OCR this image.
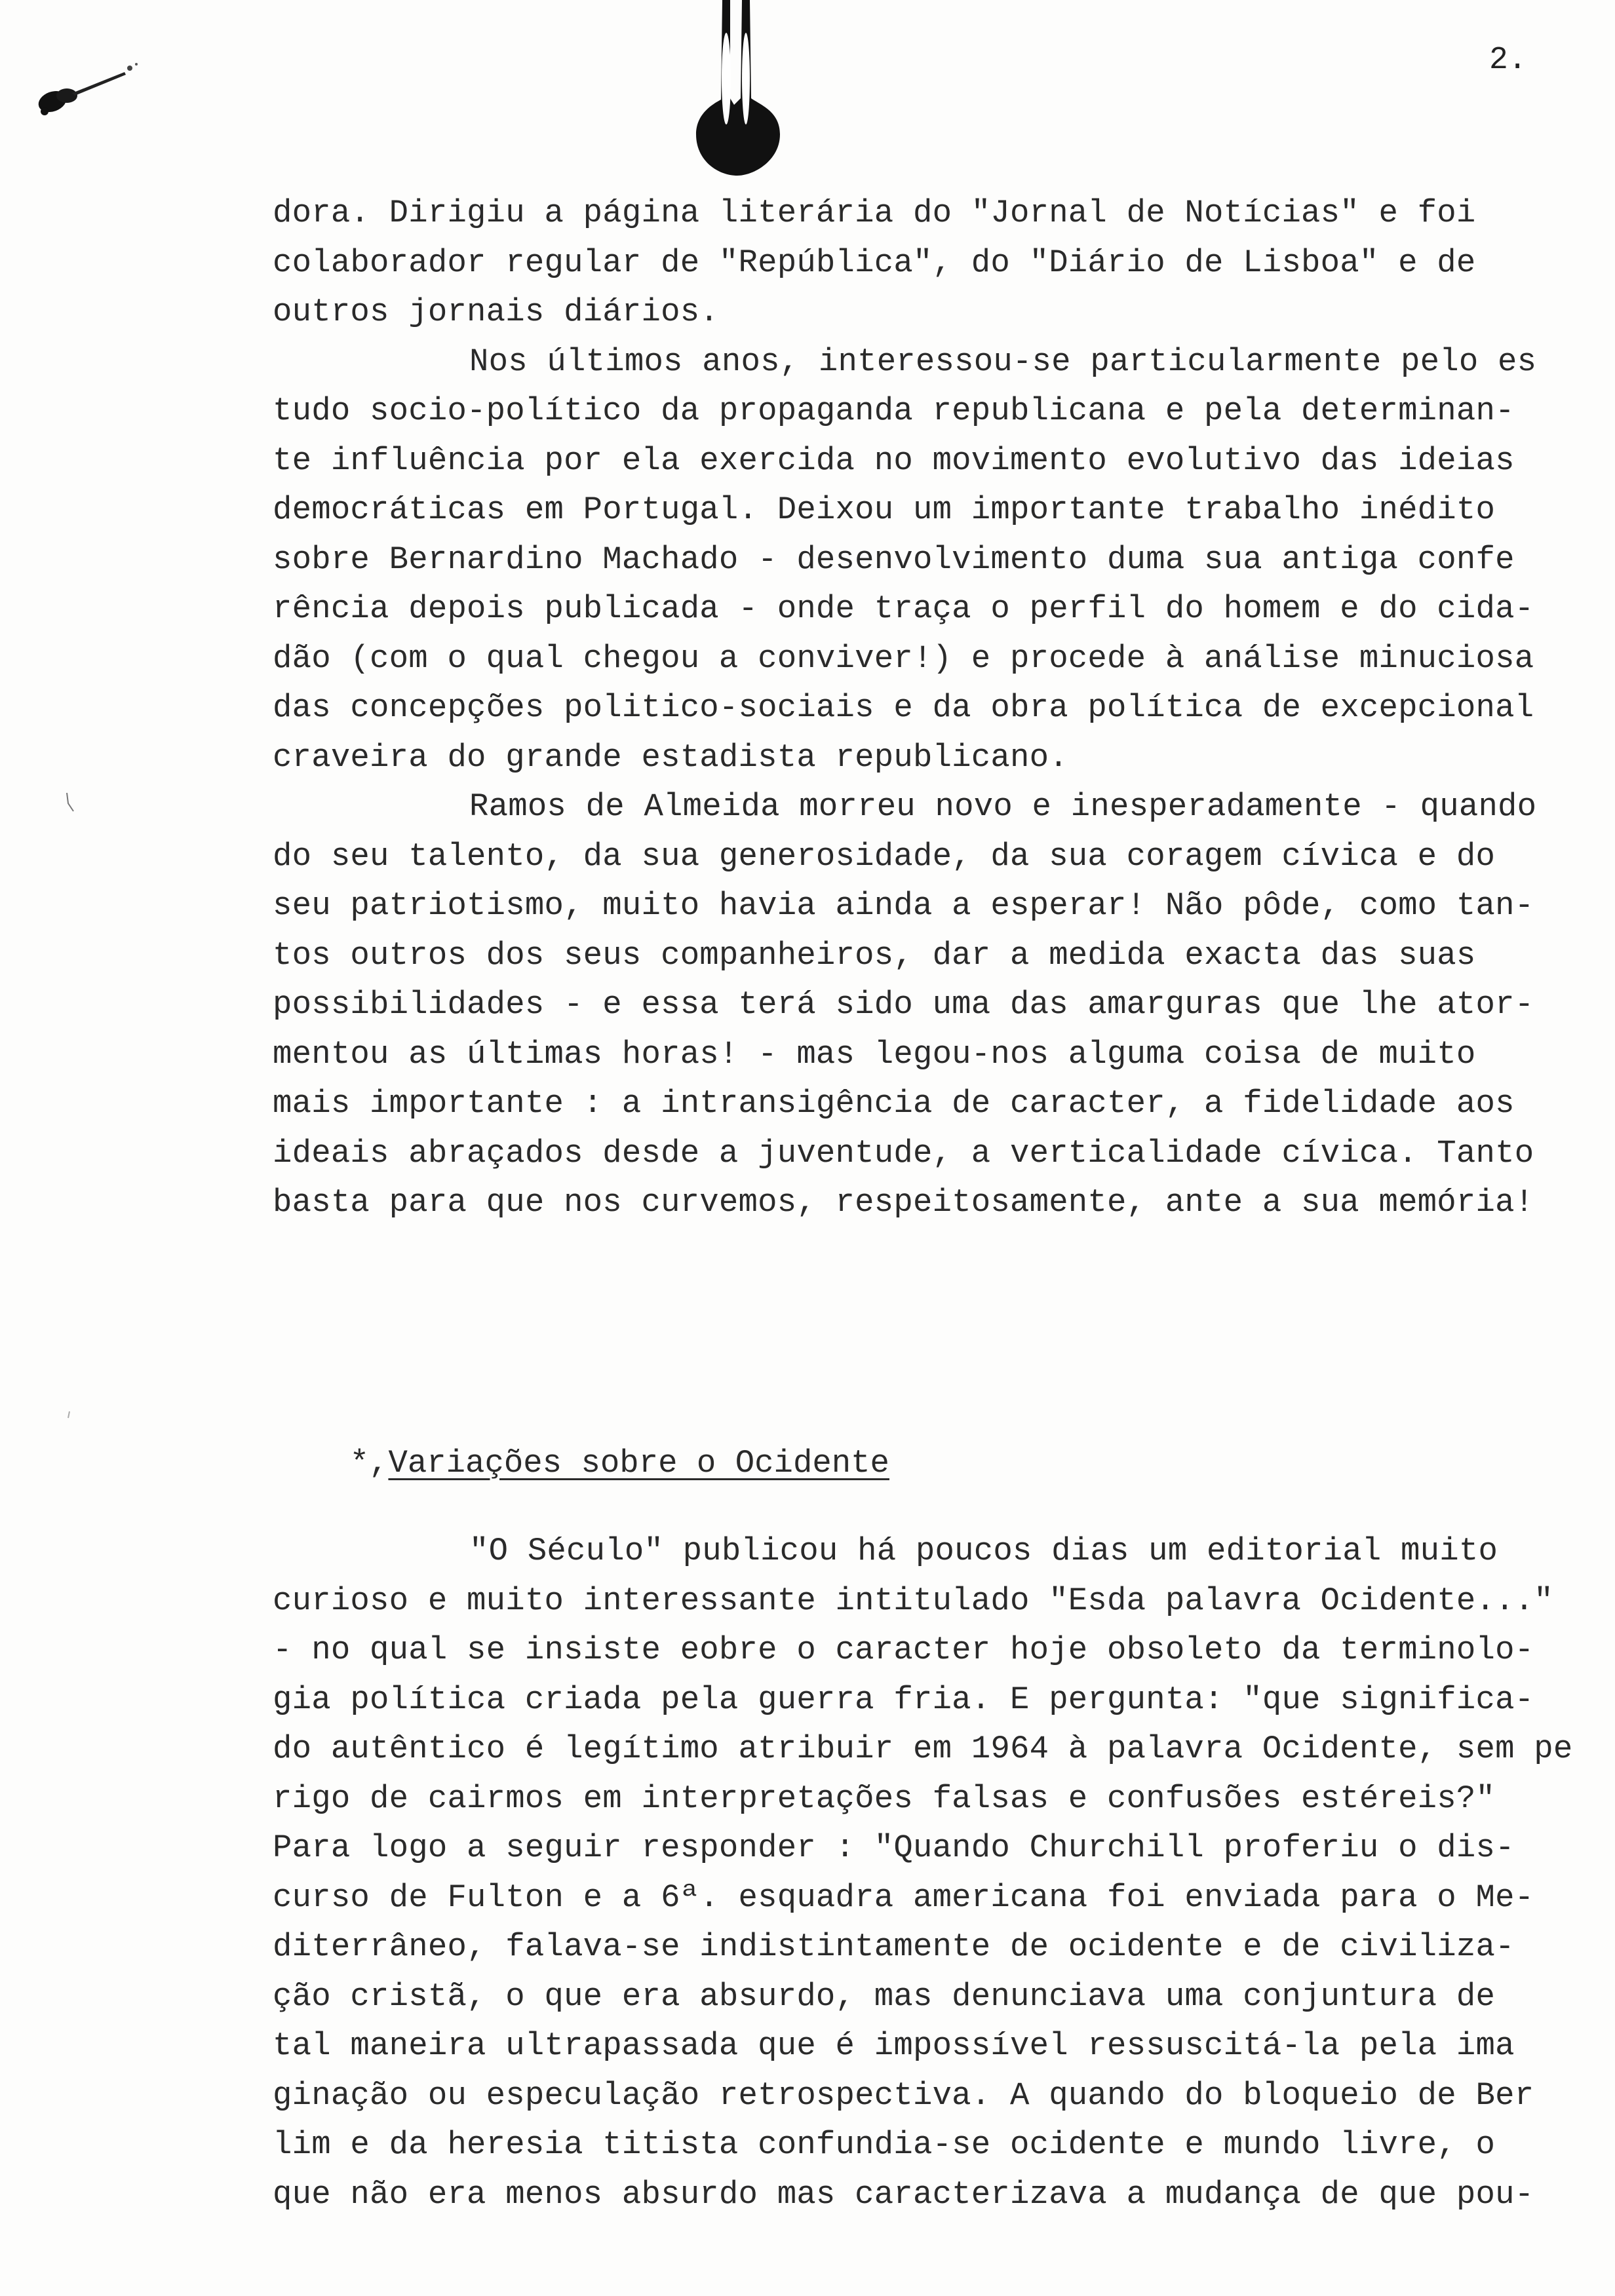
2.
dora. Dirigiu a página literária do "Jornal de Notícias" e foi
colaborador regular de "República", do "Diário de Lisboa" e de
outros jornais diários.
Nos últimos anos, interessou-se particularmente pelo es
tudo socio-político da propaganda republicana e pela determinan-
te influência por ela exercida no movimento evolutivo das ideias
democráticas em Portugal. Deixou um importante trabalho inédito
sobre Bernardino Machado - desenvolvimento duma sua antiga confe
rência depois publicada - onde traça o perfil do homem e do cida-
dão (com o qual chegou a conviver!) e procede à análise minuciosa
das concepções politico-sociais e da obra política de excepcional
craveira do grande estadista republicano.
Ramos de Almeida morreu novo e inesperadamente - quando
do seu talento, da sua generosidade, da sua coragem cívica e do
seu patriotismo, muito havia ainda a esperar! Não pôde, como tan-
tos outros dos seus companheiros, dar a medida exacta das suas
possibilidades - e essa terá sido uma das amarguras que lhe ator-
mentou as últimas horas! - mas legou-nos alguma coisa de muito
mais importante : a intransigência de caracter, a fidelidade aos
ideais abraçados desde a juventude, a verticalidade cívica. Tanto
basta para que nos curvemos, respeitosamente, ante a sua memória!

*,Variações sobre o Ocidente

"O Século" publicou há poucos dias um editorial muito
curioso e muito interessante intitulado "Esda palavra Ocidente..."
- no qual se insiste eobre o caracter hoje obsoleto da terminolo-
gia política criada pela guerra fria. E pergunta: "que significa-
do autêntico é legítimo atribuir em 1964 à palavra Ocidente, sem pe
rigo de cairmos em interpretações falsas e confusões estéreis?"
Para logo a seguir responder : "Quando Churchill proferiu o dis-
curso de Fulton e a 6ª. esquadra americana foi enviada para o Me-
diterrâneo, falava-se indistintamente de ocidente e de civiliza-
ção cristã, o que era absurdo, mas denunciava uma conjuntura de
tal maneira ultrapassada que é impossível ressuscitá-la pela ima
ginação ou especulação retrospectiva. A quando do bloqueio de Ber
lim e da heresia titista confundia-se ocidente e mundo livre, o
que não era menos absurdo mas caracterizava a mudança de que pou-
